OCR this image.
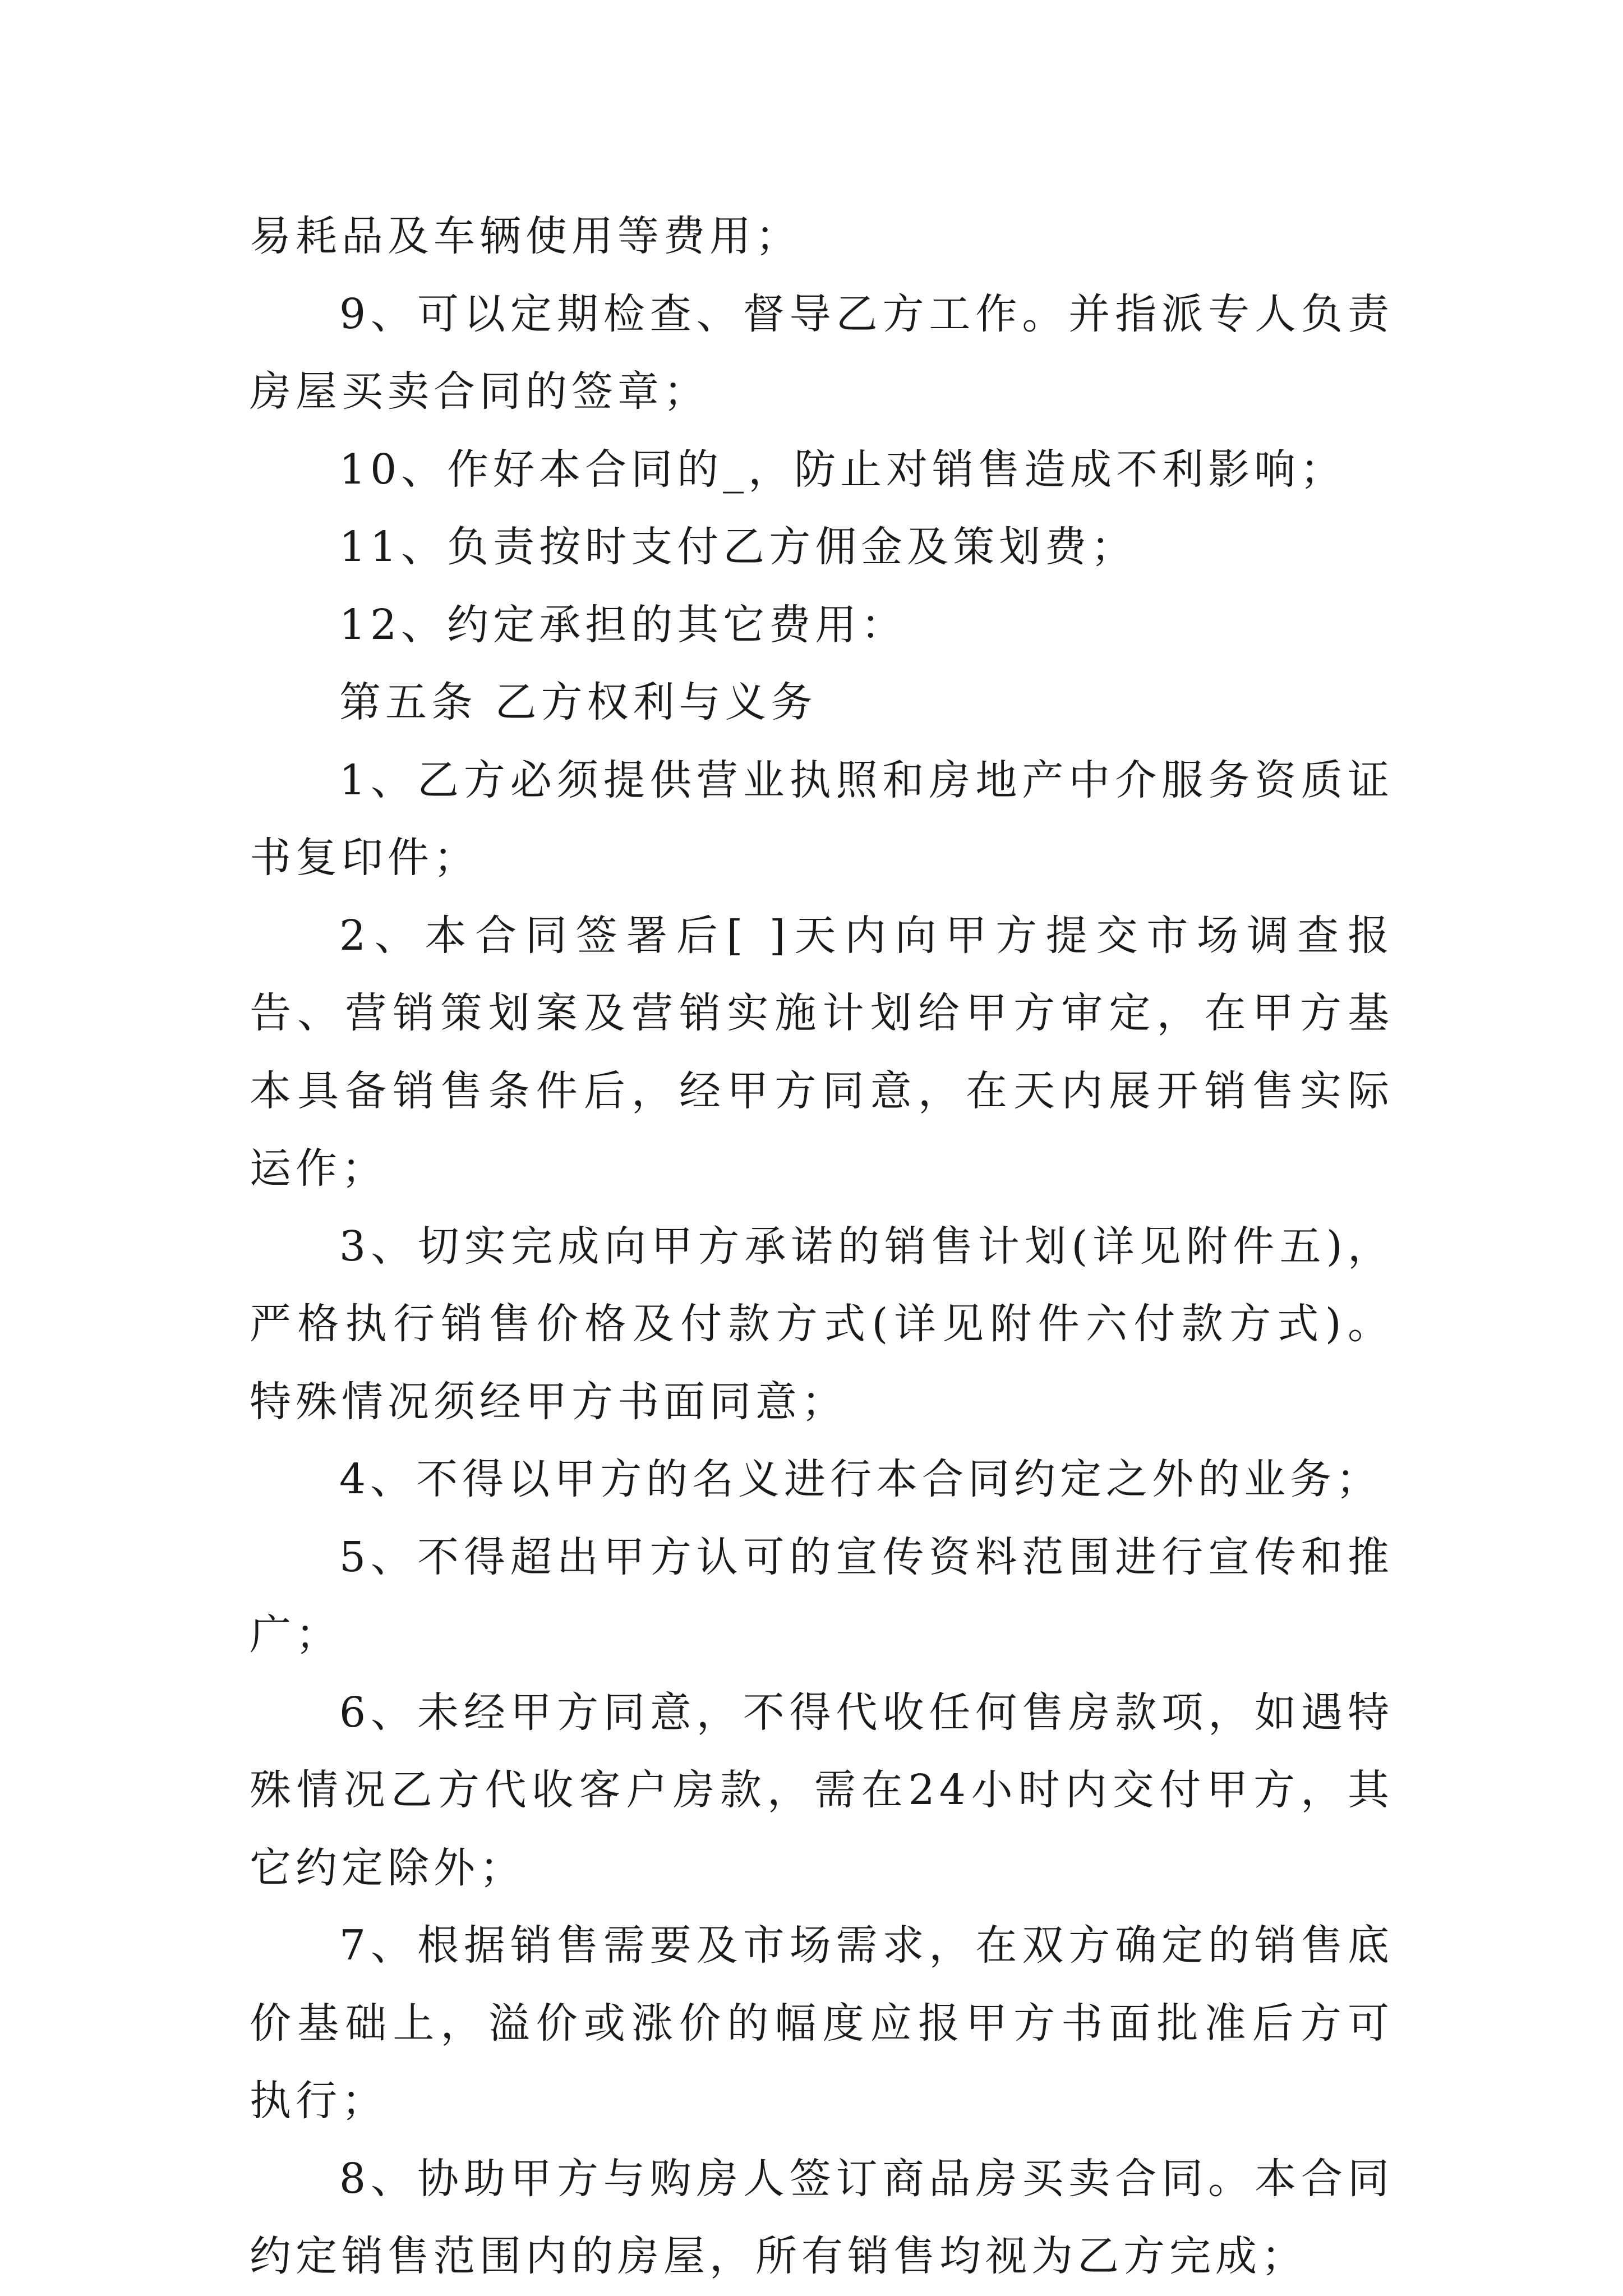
易耗品及车辆使用等费用；

9、可以定期检查、督导乙方工作。并指派专人负责房屋买卖合同的签章；

10、作好本合同的_，防止对销售造成不利影响；

11、负责按时支付乙方佣金及策划费；

12、约定承担的其它费用：

第五条 乙方权利与义务

1、乙方必须提供营业执照和房地产中介服务资质证书复印件；

2、本合同签署后[ ]天内向甲方提交市场调查报告、营销策划案及营销实施计划给甲方审定，在甲方基本具备销售条件后，经甲方同意，在天内展开销售实际运作；

3、切实完成向甲方承诺的销售计划(详见附件五)，严格执行销售价格及付款方式(详见附件六付款方式)。特殊情况须经甲方书面同意；

4、不得以甲方的名义进行本合同约定之外的业务；

5、不得超出甲方认可的宣传资料范围进行宣传和推广；

6、未经甲方同意，不得代收任何售房款项，如遇特殊情况乙方代收客户房款，需在24小时内交付甲方，其它约定除外；

7、根据销售需要及市场需求，在双方确定的销售底价基础上，溢价或涨价的幅度应报甲方书面批准后方可执行；

8、协助甲方与购房人签订商品房买卖合同。本合同约定销售范围内的房屋，所有销售均视为乙方完成；
